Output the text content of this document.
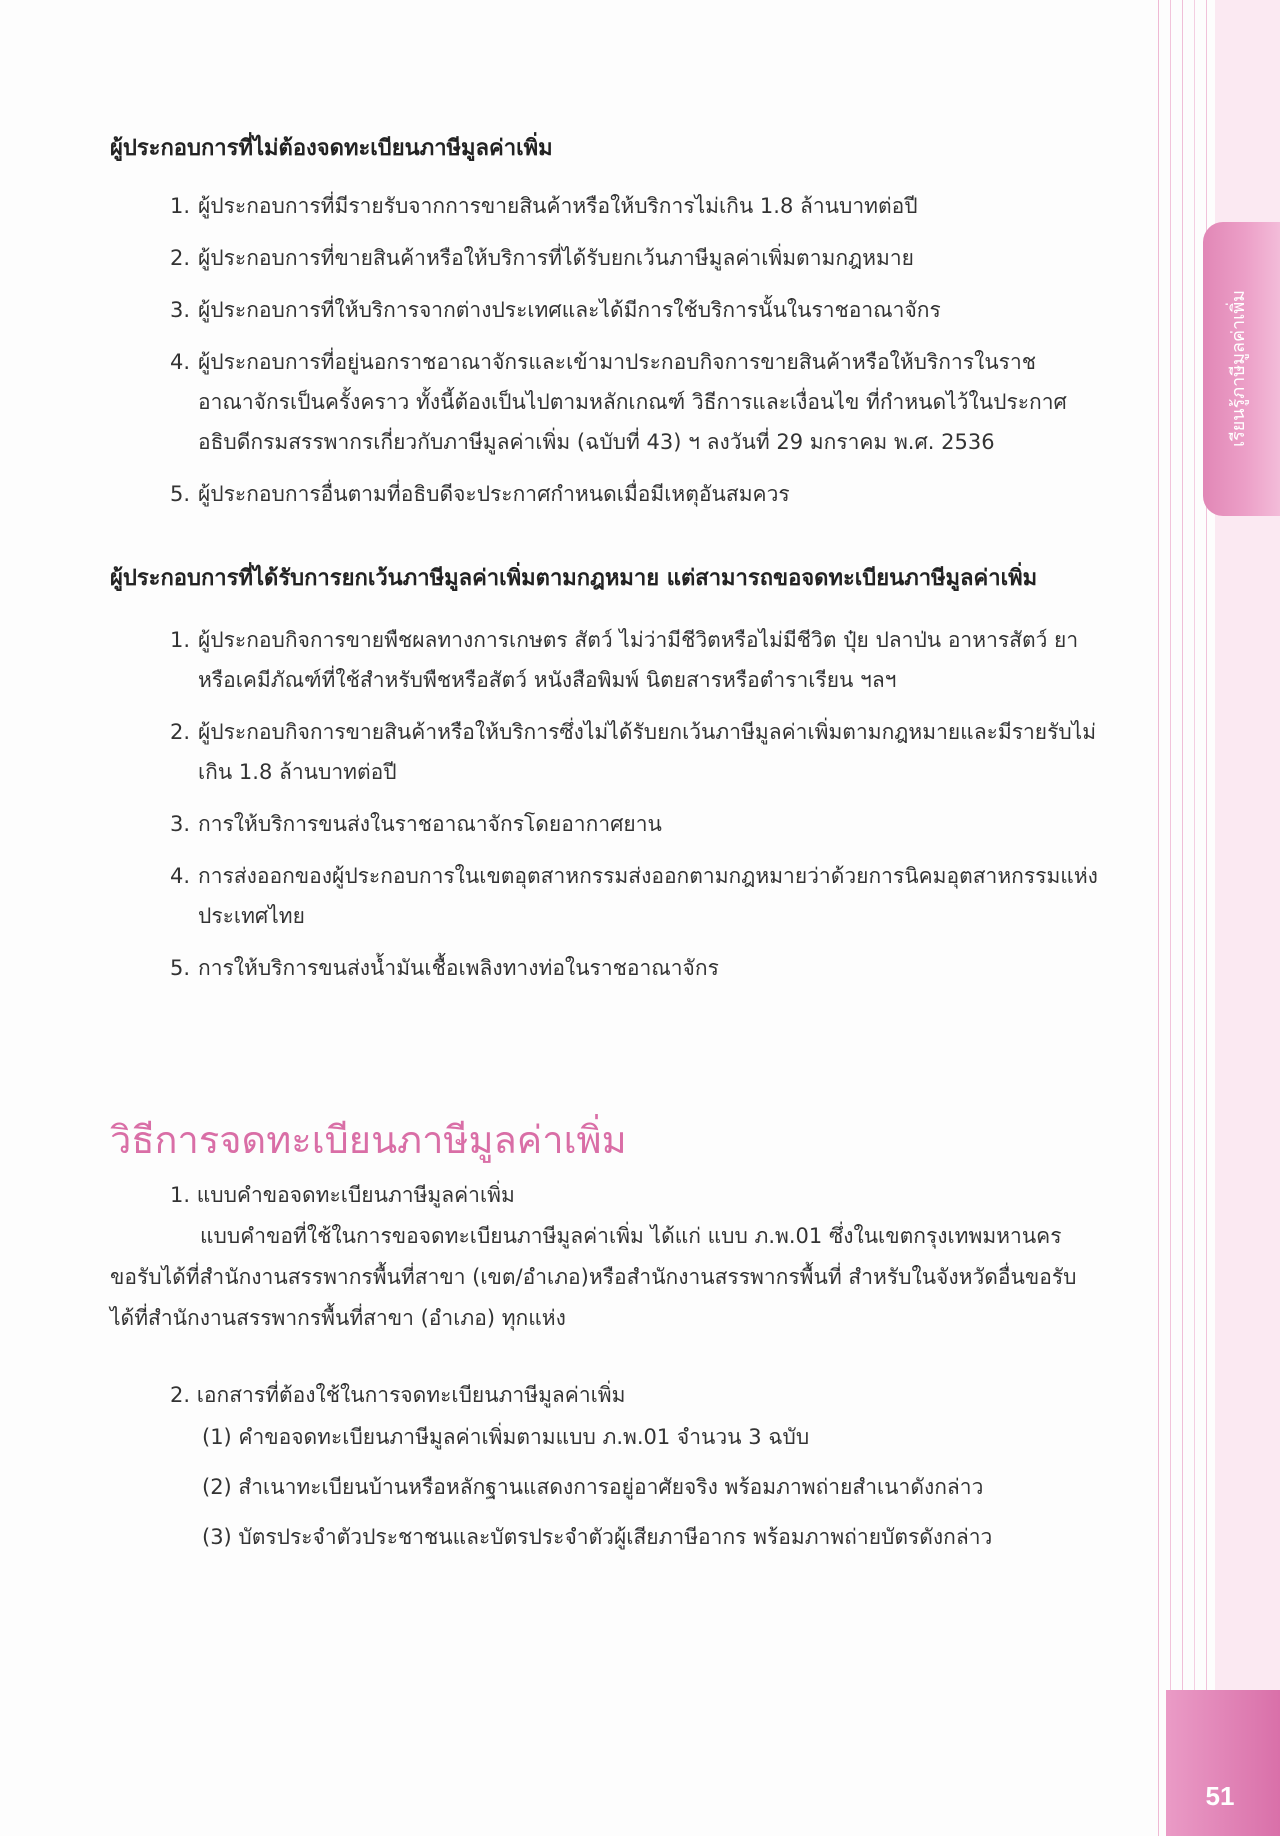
เรียนรู้ภาษีมูลค่าเพิ่ม
51
ผู้ประกอบการที่ไม่ต้องจดทะเบียนภาษีมูลค่าเพิ่ม
1. ผู้ประกอบการที่มีรายรับจากการขายสินค้าหรือให้บริการไม่เกิน 1.8 ล้านบาทต่อปี
2. ผู้ประกอบการที่ขายสินค้าหรือให้บริการที่ได้รับยกเว้นภาษีมูลค่าเพิ่มตามกฎหมาย
3. ผู้ประกอบการที่ให้บริการจากต่างประเทศและได้มีการใช้บริการนั้นในราชอาณาจักร
4. ผู้ประกอบการที่อยู่นอกราชอาณาจักรและเข้ามาประกอบกิจการขายสินค้าหรือให้บริการในราชอาณาจักรเป็นครั้งคราว ทั้งนี้ต้องเป็นไปตามหลักเกณฑ์ วิธีการและเงื่อนไข ที่กำหนดไว้ในประกาศอธิบดีกรมสรรพากรเกี่ยวกับภาษีมูลค่าเพิ่ม (ฉบับที่ 43) ฯ ลงวันที่ 29 มกราคม พ.ศ. 2536
5. ผู้ประกอบการอื่นตามที่อธิบดีจะประกาศกำหนดเมื่อมีเหตุอันสมควร
ผู้ประกอบการที่ได้รับการยกเว้นภาษีมูลค่าเพิ่มตามกฎหมาย แต่สามารถขอจดทะเบียนภาษีมูลค่าเพิ่ม
1. ผู้ประกอบกิจการขายพืชผลทางการเกษตร สัตว์ ไม่ว่ามีชีวิตหรือไม่มีชีวิต ปุ๋ย ปลาป่น อาหารสัตว์ ยาหรือเคมีภัณฑ์ที่ใช้สำหรับพืชหรือสัตว์ หนังสือพิมพ์ นิตยสารหรือตำราเรียน ฯลฯ
2. ผู้ประกอบกิจการขายสินค้าหรือให้บริการซึ่งไม่ได้รับยกเว้นภาษีมูลค่าเพิ่มตามกฎหมายและมีรายรับไม่เกิน 1.8 ล้านบาทต่อปี
3. การให้บริการขนส่งในราชอาณาจักรโดยอากาศยาน
4. การส่งออกของผู้ประกอบการในเขตอุตสาหกรรมส่งออกตามกฎหมายว่าด้วยการนิคมอุตสาหกรรมแห่งประเทศไทย
5. การให้บริการขนส่งน้ำมันเชื้อเพลิงทางท่อในราชอาณาจักร
วิธีการจดทะเบียนภาษีมูลค่าเพิ่ม
1. แบบคำขอจดทะเบียนภาษีมูลค่าเพิ่ม

แบบคำขอที่ใช้ในการขอจดทะเบียนภาษีมูลค่าเพิ่ม ได้แก่ แบบ ภ.พ.01 ซึ่งในเขตกรุงเทพมหานครขอรับได้ที่สำนักงานสรรพากรพื้นที่สาขา (เขต/อำเภอ)หรือสำนักงานสรรพากรพื้นที่ สำหรับในจังหวัดอื่นขอรับได้ที่สำนักงานสรรพากรพื้นที่สาขา (อำเภอ) ทุกแห่ง

2. เอกสารที่ต้องใช้ในการจดทะเบียนภาษีมูลค่าเพิ่ม
(1) คำขอจดทะเบียนภาษีมูลค่าเพิ่มตามแบบ ภ.พ.01 จำนวน 3 ฉบับ
(2) สำเนาทะเบียนบ้านหรือหลักฐานแสดงการอยู่อาศัยจริง พร้อมภาพถ่ายสำเนาดังกล่าว
(3) บัตรประจำตัวประชาชนและบัตรประจำตัวผู้เสียภาษีอากร พร้อมภาพถ่ายบัตรดังกล่าว
